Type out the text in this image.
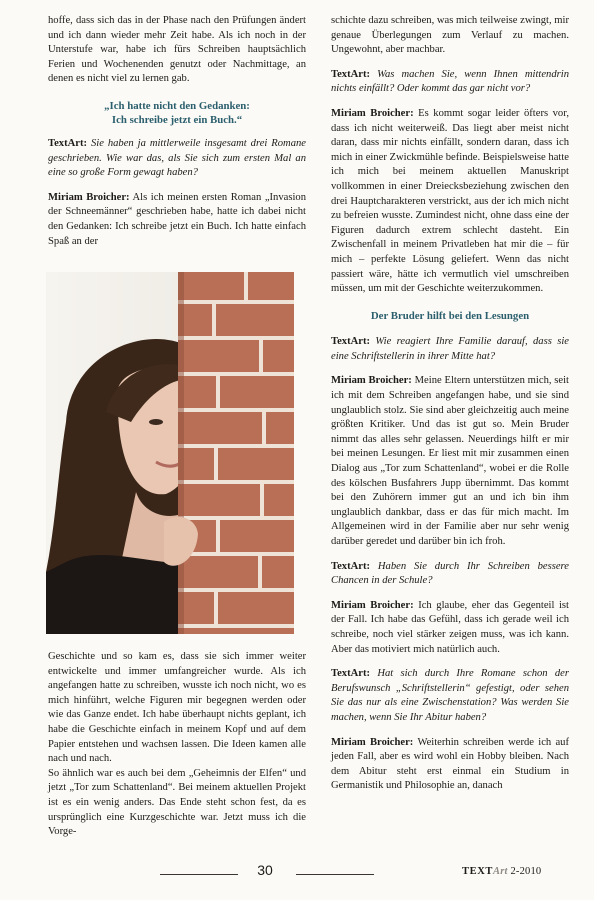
hoffe, dass sich das in der Phase nach den Prüfungen ändert und ich dann wieder mehr Zeit habe. Als ich noch in der Unterstufe war, habe ich fürs Schreiben hauptsächlich Ferien und Wochenenden genutzt oder Nachmittage, an denen es nicht viel zu lernen gab.

„Ich hatte nicht den Gedanken:
Ich schreibe jetzt ein Buch.“

TextArt: Sie haben ja mittlerweile insgesamt drei Romane geschrieben. Wie war das, als Sie sich zum ersten Mal an eine so große Form gewagt haben?

Miriam Broicher: Als ich meinen ersten Roman „Invasion der Schneemänner“ geschrieben habe, hatte ich dabei nicht den Gedanken: Ich schreibe jetzt ein Buch. Ich hatte einfach Spaß an der

Geschichte und so kam es, dass sie sich immer weiter entwickelte und immer umfangreicher wurde. Als ich angefangen hatte zu schreiben, wusste ich noch nicht, wo es mich hinführt, welche Figuren mir begegnen werden oder wie das Ganze endet. Ich habe überhaupt nichts geplant, ich habe die Geschichte einfach in meinem Kopf und auf dem Papier entstehen und wachsen lassen. Die Ideen kamen alle nach und nach.

So ähnlich war es auch bei dem „Geheimnis der Elfen“ und jetzt „Tor zum Schattenland“. Bei meinem aktuellen Projekt ist es ein wenig anders. Das Ende steht schon fest, da es ursprünglich eine Kurzgeschichte war. Jetzt muss ich die Vorge-

schichte dazu schreiben, was mich teilweise zwingt, mir genaue Überlegungen zum Verlauf zu machen. Ungewohnt, aber machbar.

TextArt: Was machen Sie, wenn Ihnen mittendrin nichts einfällt? Oder kommt das gar nicht vor?

Miriam Broicher: Es kommt sogar leider öfters vor, dass ich nicht weiterweiß. Das liegt aber meist nicht daran, dass mir nichts einfällt, sondern daran, dass ich mich in einer Zwickmühle befinde. Beispielsweise hatte ich mich bei meinem aktuellen Manuskript vollkommen in einer Dreiecksbeziehung zwischen den drei Hauptcharakteren verstrickt, aus der ich mich nicht zu befreien wusste. Zumindest nicht, ohne dass eine der Figuren dadurch extrem schlecht dasteht. Ein Zwischenfall in meinem Privatleben hat mir die – für mich – perfekte Lösung geliefert. Wenn das nicht passiert wäre, hätte ich vermutlich viel umschreiben müssen, um mit der Geschichte weiterzukommen.

Der Bruder hilft bei den Lesungen

TextArt: Wie reagiert Ihre Familie darauf, dass sie eine Schriftstellerin in ihrer Mitte hat?

Miriam Broicher: Meine Eltern unterstützen mich, seit ich mit dem Schreiben angefangen habe, und sie sind unglaublich stolz. Sie sind aber gleichzeitig auch meine größten Kritiker. Und das ist gut so. Mein Bruder nimmt das alles sehr gelassen. Neuerdings hilft er mir bei meinen Lesungen. Er liest mit mir zusammen einen Dialog aus „Tor zum Schattenland“, wobei er die Rolle des kölschen Busfahrers Jupp übernimmt. Das kommt bei den Zuhörern immer gut an und ich bin ihm unglaublich dankbar, dass er das für mich macht. Im Allgemeinen wird in der Familie aber nur sehr wenig darüber geredet und darüber bin ich froh.

TextArt: Haben Sie durch Ihr Schreiben bessere Chancen in der Schule?

Miriam Broicher: Ich glaube, eher das Gegenteil ist der Fall. Ich habe das Gefühl, dass ich gerade weil ich schreibe, noch viel stärker zeigen muss, was ich kann. Aber das motiviert mich natürlich auch.

TextArt: Hat sich durch Ihre Romane schon der Berufswunsch „Schriftstellerin“ gefestigt, oder sehen Sie das nur als eine Zwischenstation? Was werden Sie machen, wenn Sie Ihr Abitur haben?

Miriam Broicher: Weiterhin schreiben werde ich auf jeden Fall, aber es wird wohl ein Hobby bleiben. Nach dem Abitur steht erst einmal ein Studium in Germanistik und Philosophie an, danach

30	TEXTArt 2-2010
